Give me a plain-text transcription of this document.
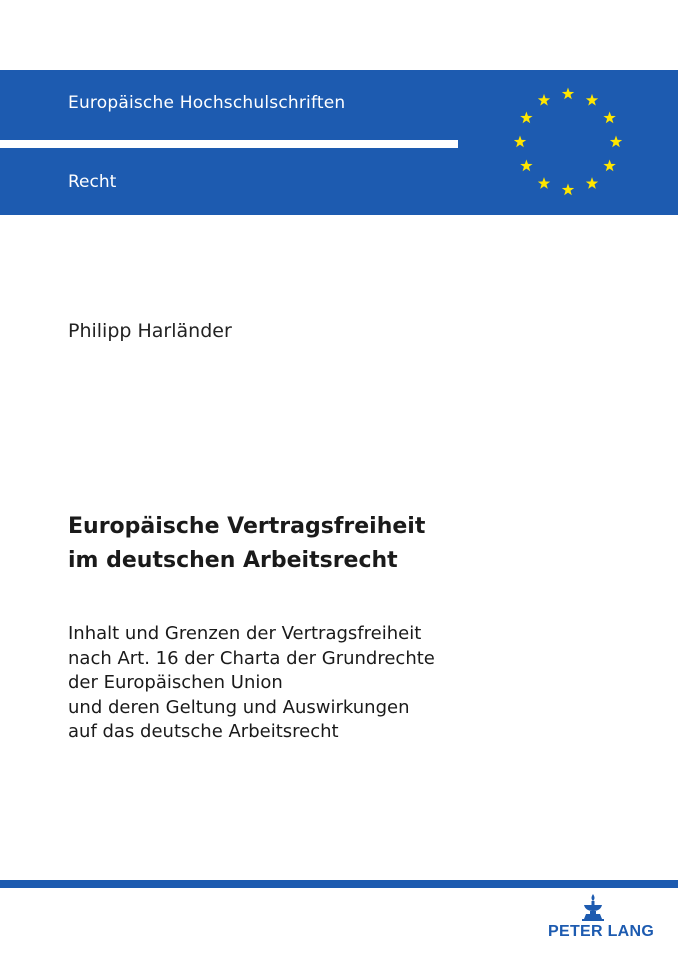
Europäische Hochschulschriften
Recht
Philipp Harländer
Europäische Vertragsfreiheit
im deutschen Arbeitsrecht
Inhalt und Grenzen der Vertragsfreiheit
nach Art. 16 der Charta der Grundrechte
der Europäischen Union
und deren Geltung und Auswirkungen
auf das deutsche Arbeitsrecht
PETER LANG
